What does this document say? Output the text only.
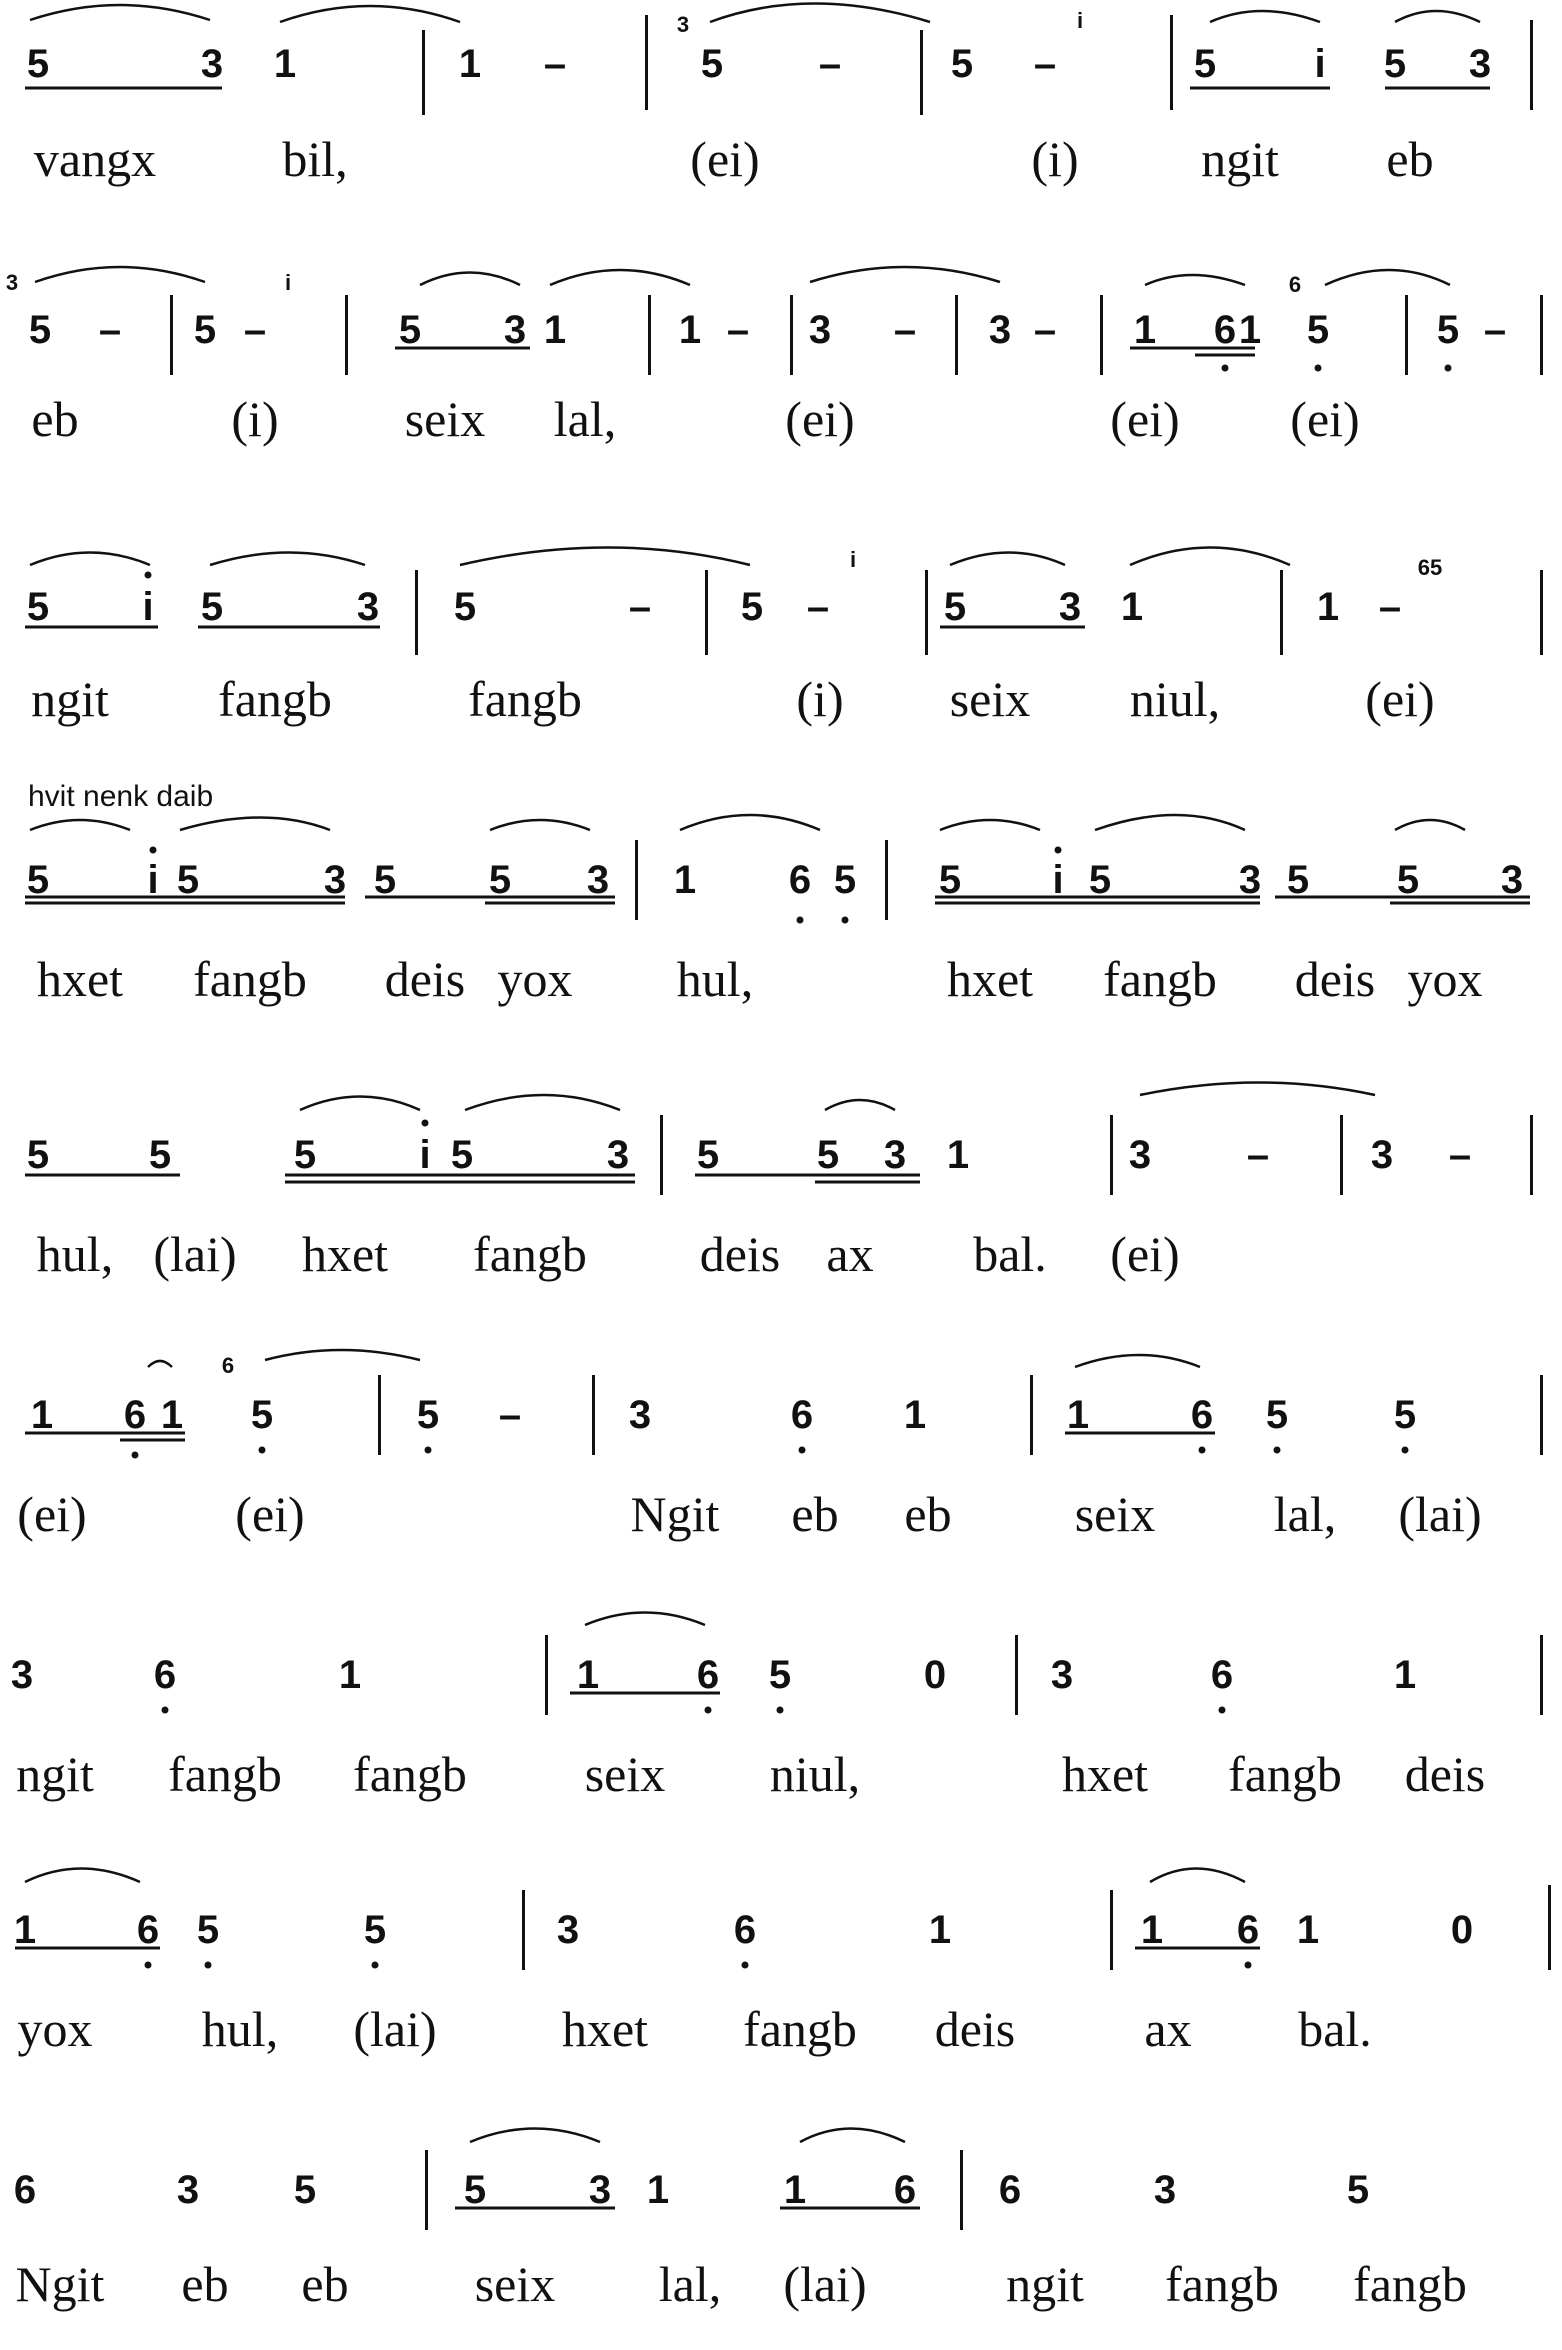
5	3 1	1 –
3
5 –	5 –
i
5 i 5 3
vangx	bil,	(ei)	(i) ngit eb
3
5 – 5 –
i
5 3 1	1 – 3 – 3 – 1 6 1
6
5	5 –
eb	(i)	seix lal,	(ei)	(ei) (ei)
5 i 5	3 5	– 5 –
i
5 3 1	1 –
65
ngit fangb	fangb	(i) seix niul,	(ei)
hvit nenk daib
5 i 5	3 5 5 3 1 6 5 5 i 5	3 5 5 3
hxet fangb deis yox hul,	hxet fangb deis yox
5 5	5	i 5	3 5 5 3 1	3 –	3 –
hul, (lai) hxet fangb deis ax bal. (ei)
1 6 1
6
5	5 –	3	6 1	1	6 5	5
(ei)	(ei)	Ngit eb eb seix lal, (lai)
3	6	1	1 6 5	0	3	6	1
ngit fangb fangb seix niul,	hxet fangb deis
1	6 5	5	3	6	1	1 6 1	0
yox hul, (lai)	hxet fangb deis	ax bal.
6	3 5	5	3 1	1 6 6	3	5
Ngit eb eb	seix lal, (lai)	ngit fangb fangb
